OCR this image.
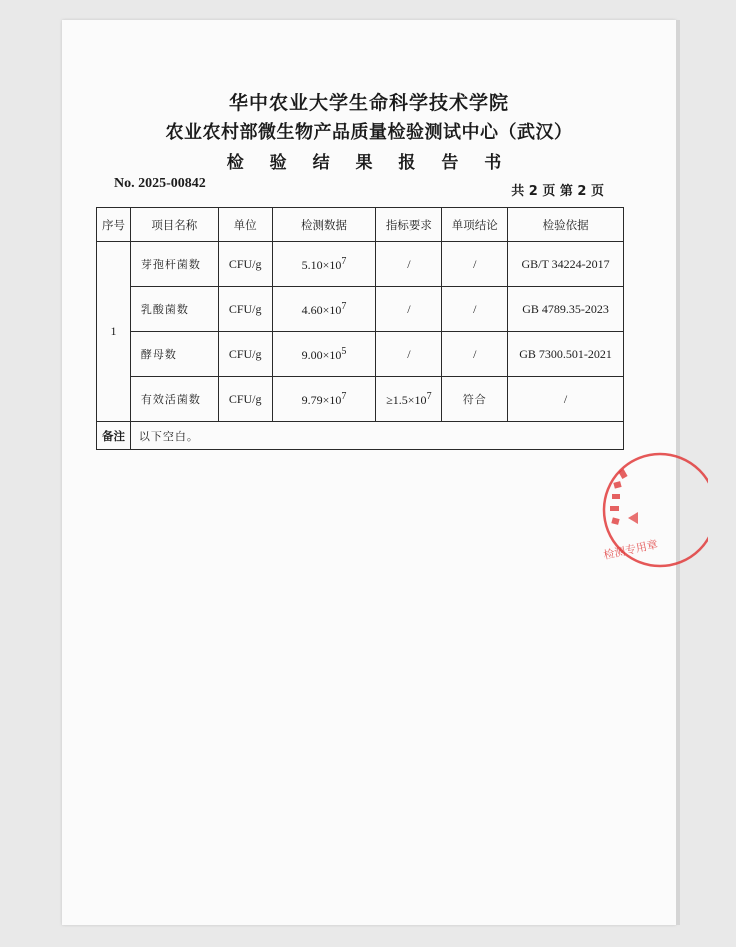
华中农业大学生命科学技术学院
农业农村部微生物产品质量检验测试中心（武汉）
检 验 结 果 报 告 书
No. 2025-00842
共 2 页 第 2 页
序号	项目名称	单位	检测数据	指标要求	单项结论	检验依据
1	芽孢杆菌数	CFU/g	$5.10\times 10^7$	/	/	GB/T 34224-2017
	乳酸菌数	CFU/g	$4.60\times 10^7$	/	/	GB 4789.35-2023
	酵母数	CFU/g	$9.00\times 10^5$	/	/	GB 7300.501-2021
	有效活菌数	CFU/g	$9.79\times 10^7$	$\ge 1.5\times 10^7$	符合	/
备注	以下空白。					
检测专用章
